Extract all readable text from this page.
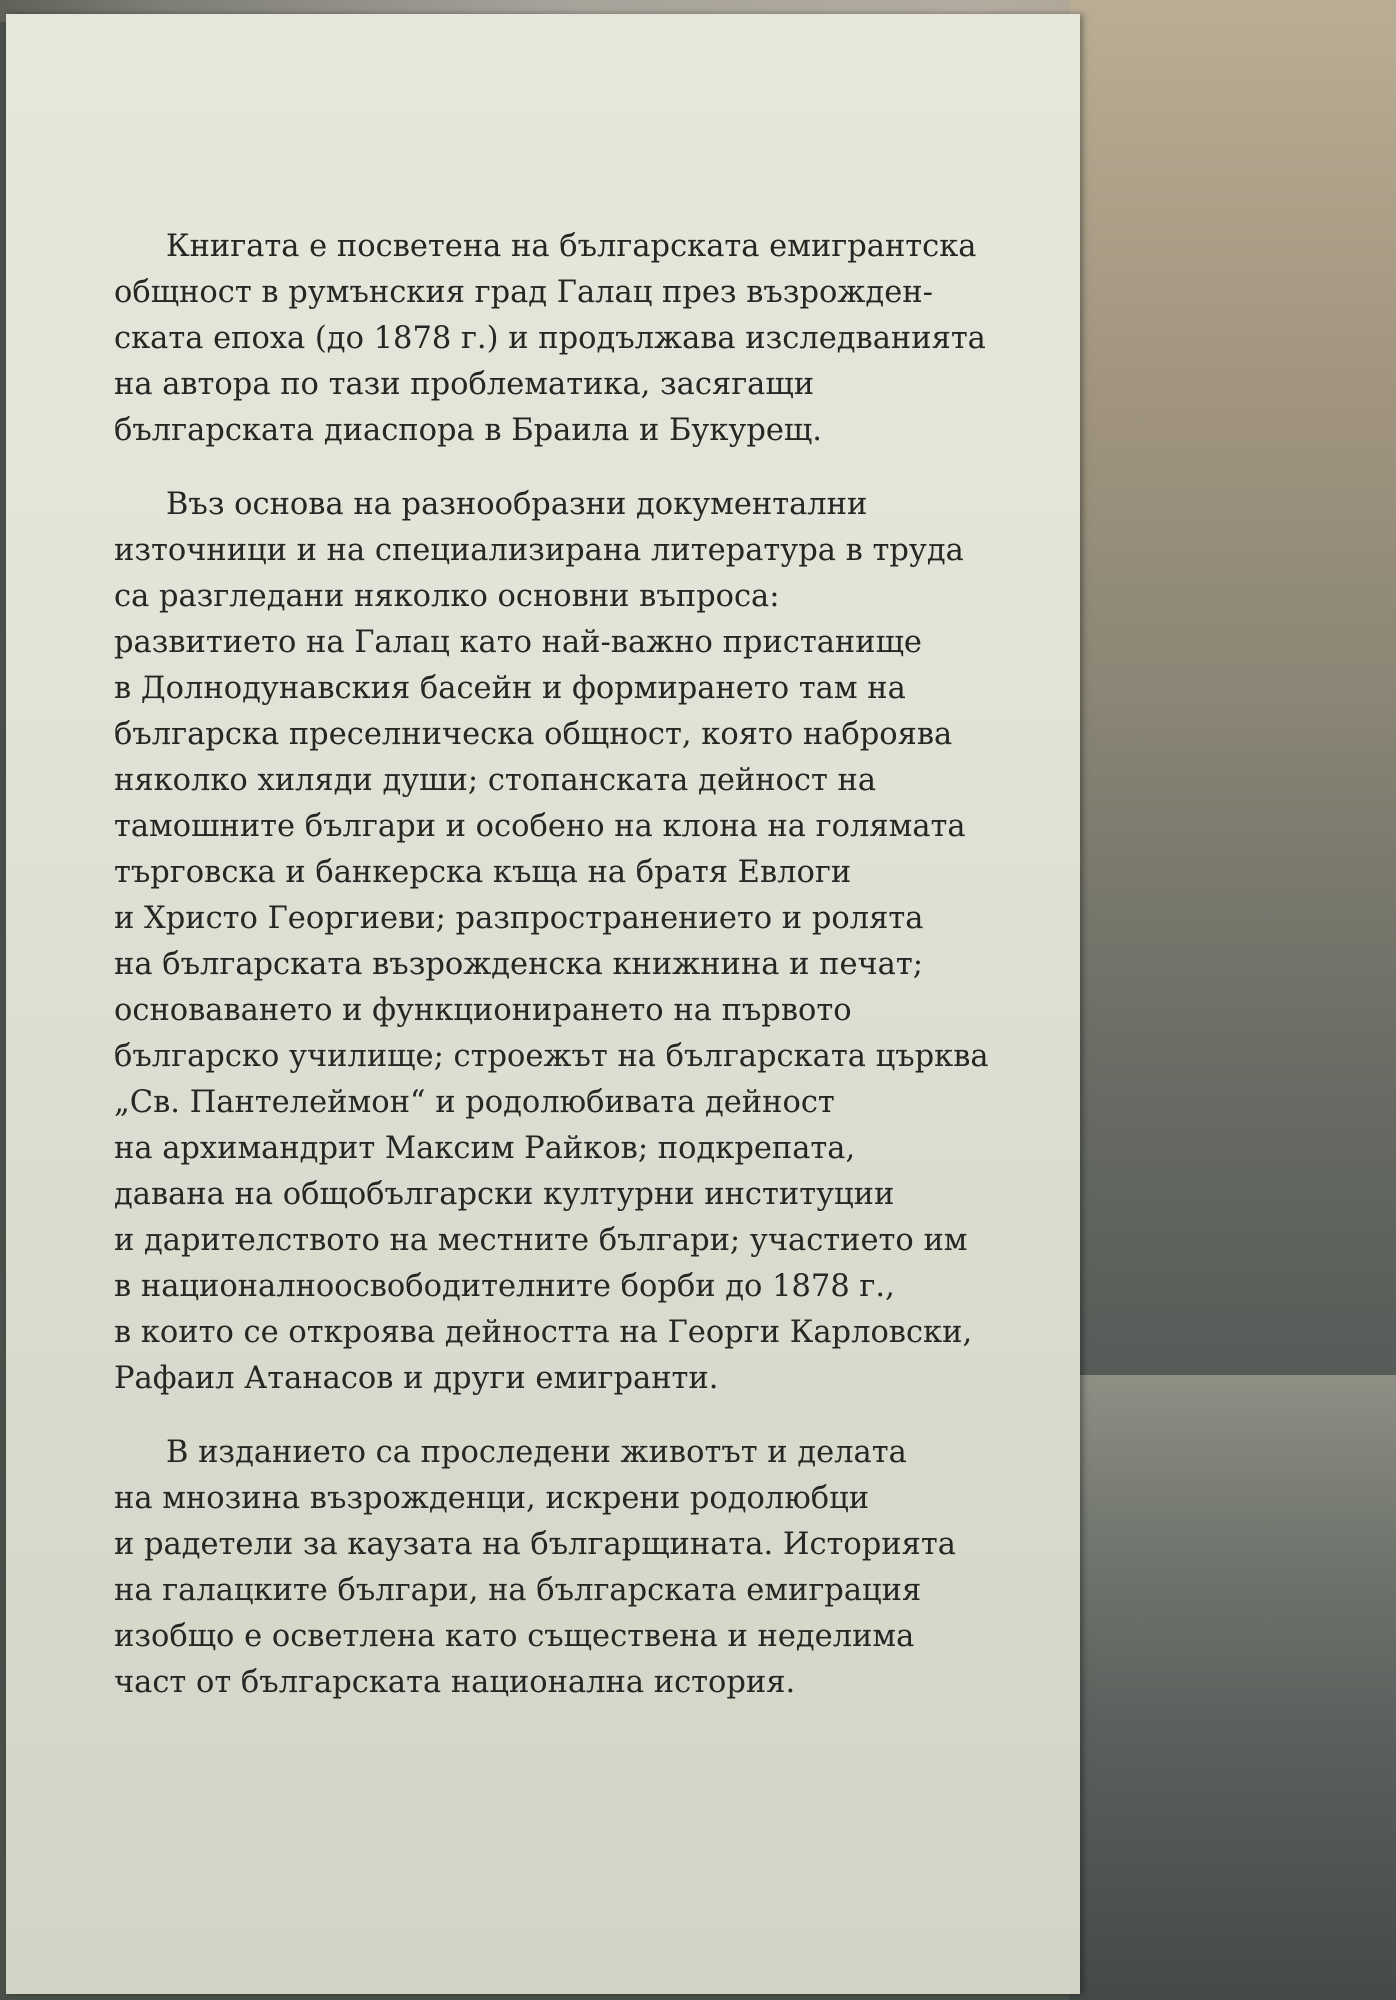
Книгата е посветена на българската емигрантска
общност в румънския град Галац през възрожден-
ската епоха (до 1878 г.) и продължава изследванията
на автора по тази проблематика, засягащи
българската диаспора в Браила и Букурещ.

Въз основа на разнообразни документални
източници и на специализирана литература в труда
са разгледани няколко основни въпроса:
развитието на Галац като най-важно пристанище
в Долнодунавския басейн и формирането там на
българска преселническа общност, която наброява
няколко хиляди души; стопанската дейност на
тамошните българи и особено на клона на голямата
търговска и банкерска къща на братя Евлоги
и Христо Георгиеви; разпространението и ролята
на българската възрожденска книжнина и печат;
основаването и функционирането на първото
българско училище; строежът на българската църква
„Св. Пантелеймон“ и родолюбивата дейност
на архимандрит Максим Райков; подкрепата,
давана на общобългарски културни институции
и дарителството на местните българи; участието им
в националноосвободителните борби до 1878 г.,
в които се откроява дейността на Георги Карловски,
Рафаил Атанасов и други емигранти.

В изданието са проследени животът и делата
на мнозина възрожденци, искрени родолюбци
и радетели за каузата на българщината. Историята
на галацките българи, на българската емиграция
изобщо е осветлена като съществена и неделима
част от българската национална история.
